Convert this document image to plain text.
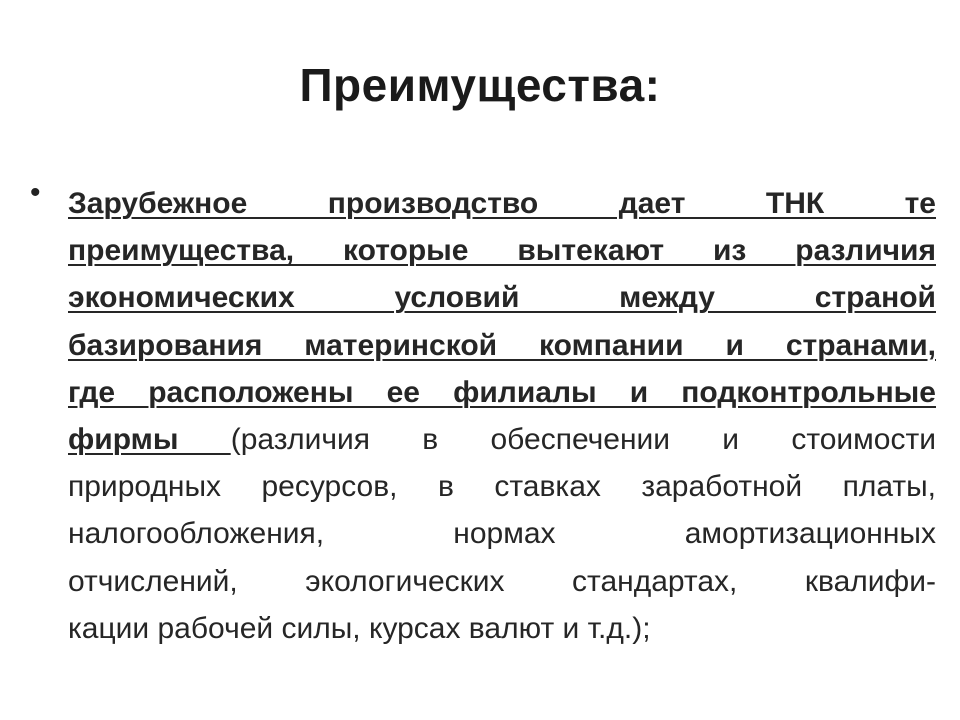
Преимущества:
• Зарубежное производство дает ТНК те
преимущества, которые вытекают из различия
экономических условий между страной
базирования материнской компании и странами,
где расположены ее филиалы и подконтрольные
фирмы (различия в обеспечении и стоимости
природных ресурсов, в ставках заработной платы,
налогообложения, нормах амортизационных
отчислений, экологических стандартах, квалифи-
кации рабочей силы, курсах валют и т.д.);
